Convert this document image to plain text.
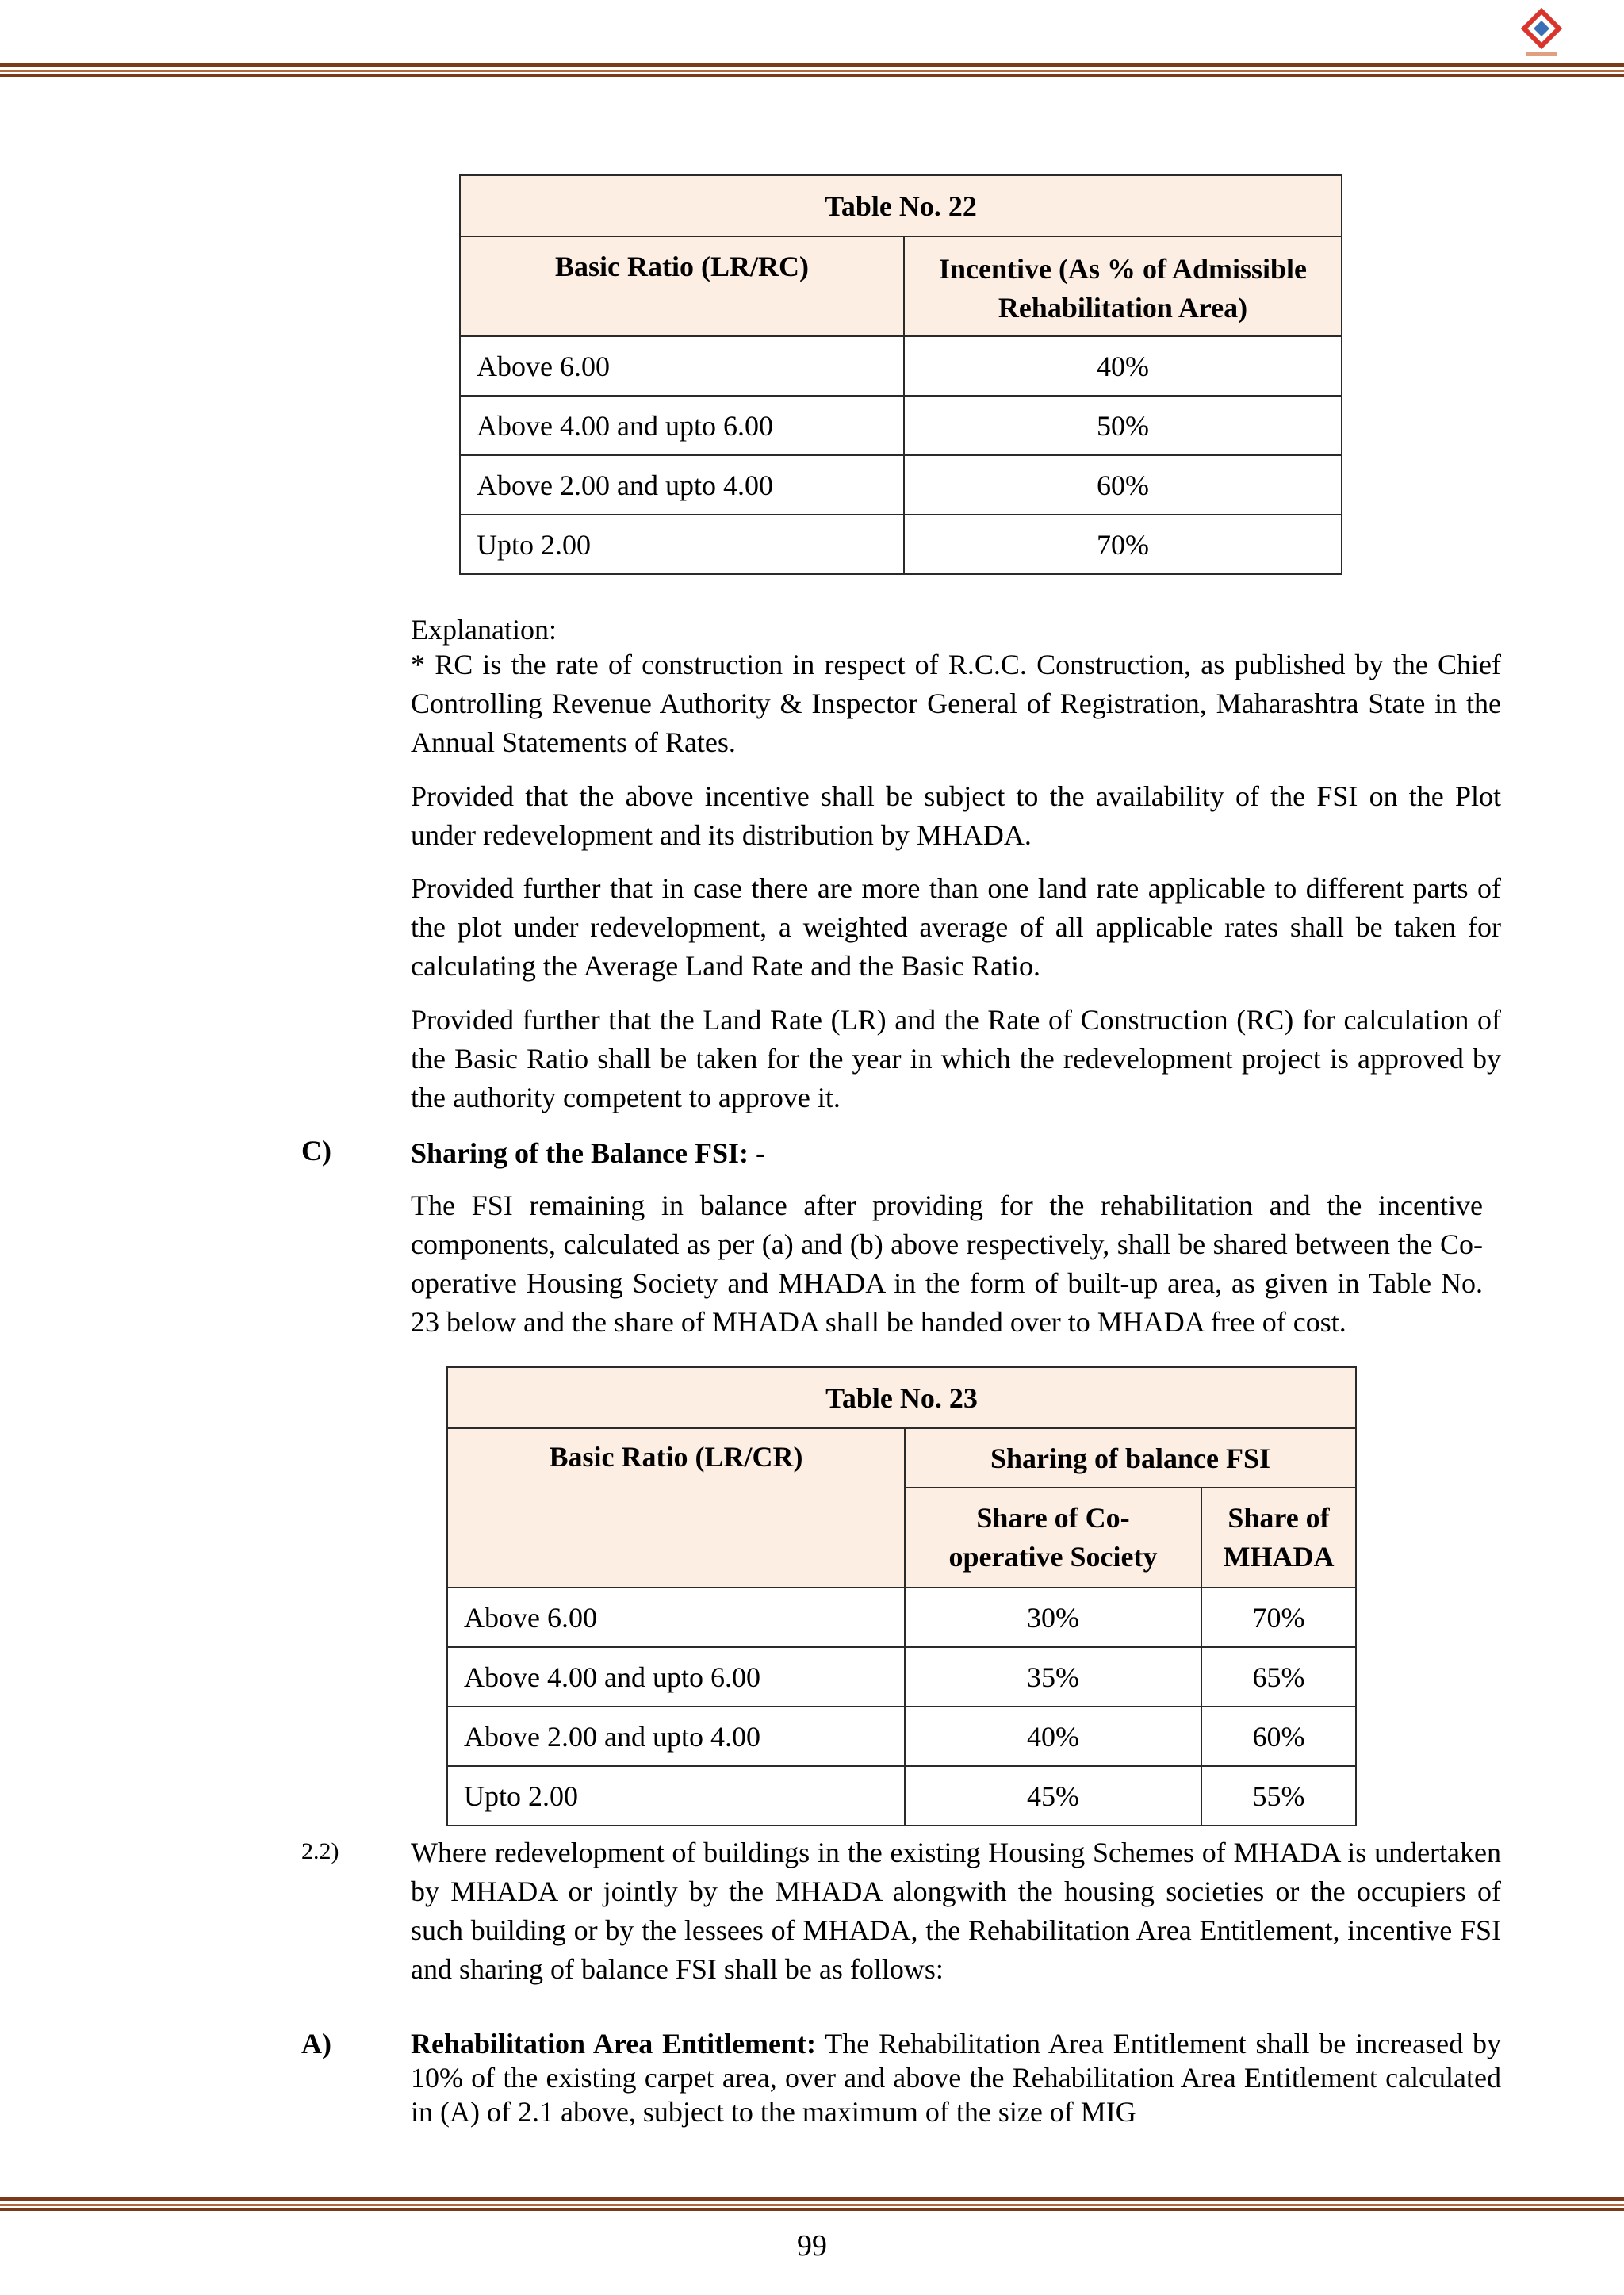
Table No. 22	
Basic Ratio (LR/RC)	Incentive (As % of Admissible Rehabilitation Area)
Above 6.00	40%
Above 4.00 and upto 6.00	50%
Above 2.00 and upto 4.00	60%
Upto 2.00	70%
Explanation:
* RC is the rate of construction in respect of R.C.C. Construction, as published by the Chief Controlling Revenue Authority & Inspector General of Registration, Maharashtra State in the Annual Statements of Rates.
Provided that the above incentive shall be subject to the availability of the FSI on the Plot under redevelopment and its distribution by MHADA.
Provided further that in case there are more than one land rate applicable to different parts of the plot under redevelopment, a weighted average of all applicable rates shall be taken for calculating the Average Land Rate and the Basic Ratio.
Provided further that the Land Rate (LR) and the Rate of Construction (RC) for calculation of the Basic Ratio shall be taken for the year in which the redevelopment project is approved by the authority competent to approve it.
C)	Sharing of the Balance FSI: -
The FSI remaining in balance after providing for the rehabilitation and the incentive components, calculated as per (a) and (b) above respectively, shall be shared between the Co-operative Housing Society and MHADA in the form of built-up area, as given in Table No. 23 below and the share of MHADA shall be handed over to MHADA free of cost.
Table No. 23		
Basic Ratio (LR/CR)	Sharing of balance FSI	
	Share of Co-operative Society	Share of MHADA
Above 6.00	30%	70%
Above 4.00 and upto 6.00	35%	65%
Above 2.00 and upto 4.00	40%	60%
Upto 2.00	45%	55%
2.2)	Where redevelopment of buildings in the existing Housing Schemes of MHADA is undertaken by MHADA or jointly by the MHADA alongwith the housing societies or the occupiers of such building or by the lessees of MHADA, the Rehabilitation Area Entitlement, incentive FSI and sharing of balance FSI shall be as follows:
A)	Rehabilitation Area Entitlement: The Rehabilitation Area Entitlement shall be increased by 10% of the existing carpet area, over and above the Rehabilitation Area Entitlement calculated in (A) of 2.1 above, subject to the maximum of the size of MIG
99
